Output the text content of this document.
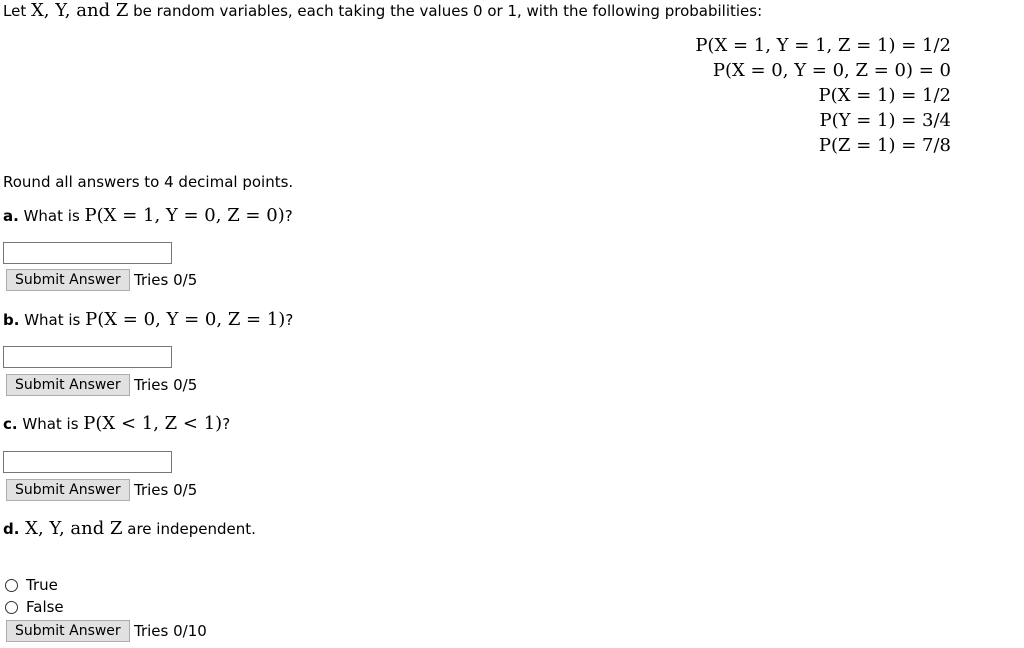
Let X, Y, and Z be random variables, each taking the values 0 or 1, with the following probabilities:
P(X = 1, Y = 1, Z = 1) = 1/2
P(X = 0, Y = 0, Z = 0) = 0
P(X = 1) = 1/2
P(Y = 1) = 3/4
P(Z = 1) = 7/8
Round all answers to 4 decimal points.
a. What is P(X = 1, Y = 0, Z = 0)?
Submit Answer Tries 0/5
b. What is P(X = 0, Y = 0, Z = 1)?
Submit Answer Tries 0/5
c. What is P(X < 1, Z < 1)?
Submit Answer Tries 0/5
d. X, Y, and Z are independent.
True
False
Submit Answer Tries 0/10
